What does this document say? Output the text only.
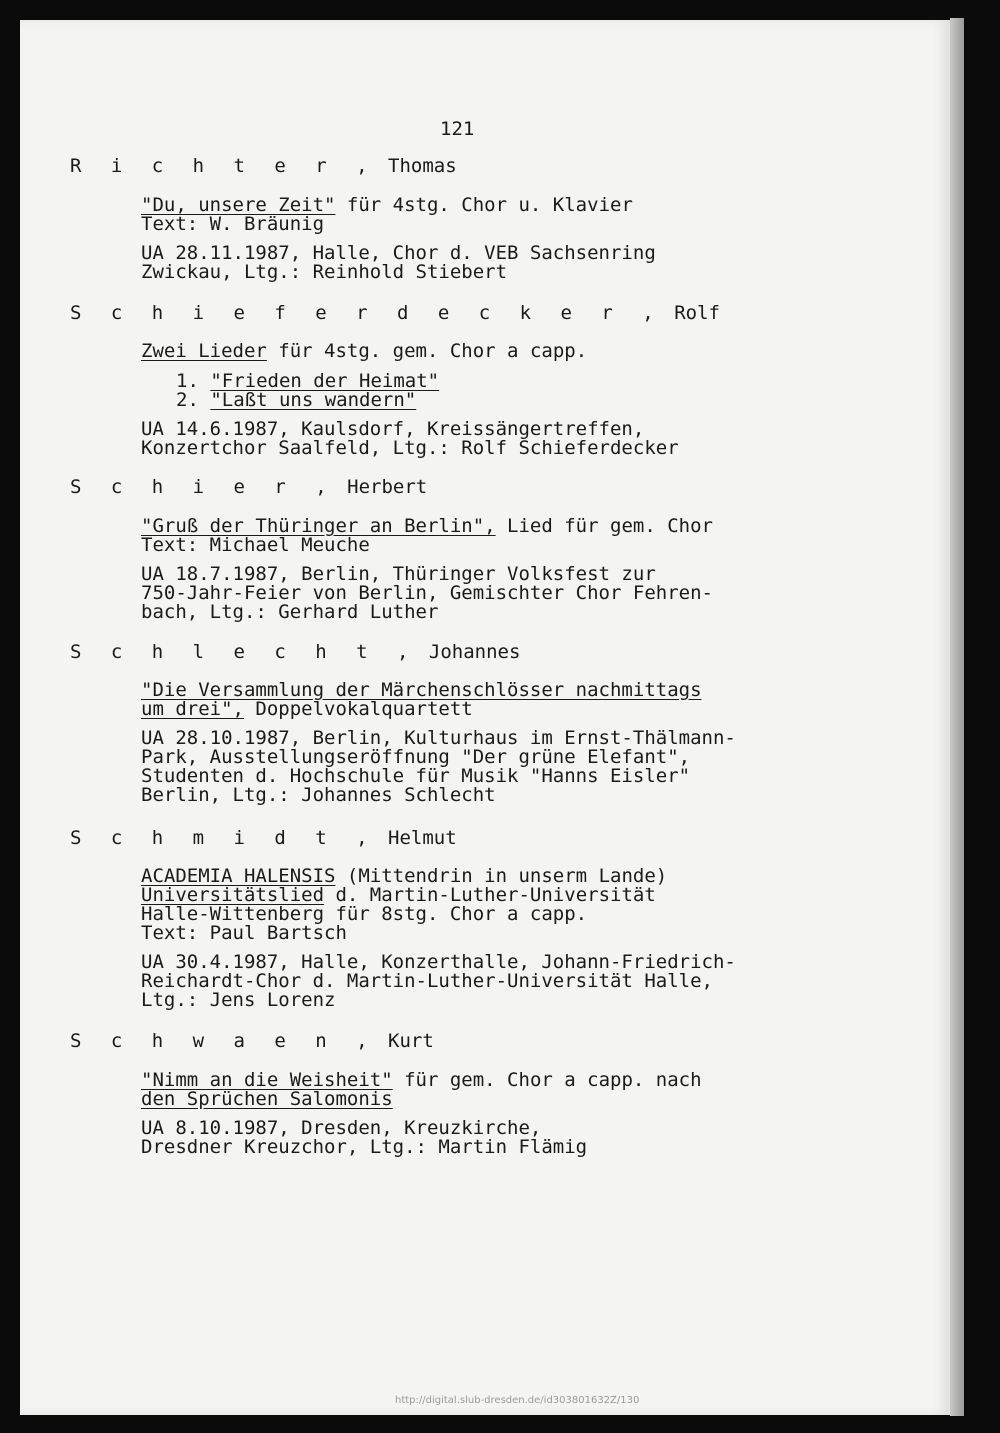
121
R i c h t e r , Thomas
"Du, unsere Zeit" für 4stg. Chor u. Klavier
Text: W. Bräunig
UA 28.11.1987, Halle, Chor d. VEB Sachsenring
Zwickau, Ltg.: Reinhold Stiebert
S c h i e f e r d e c k e r , Rolf
Zwei Lieder für 4stg. gem. Chor a capp.
1. "Frieden der Heimat"
2. "Laßt uns wandern"
UA 14.6.1987, Kaulsdorf, Kreissängertreffen,
Konzertchor Saalfeld, Ltg.: Rolf Schieferdecker
S c h i e r , Herbert
"Gruß der Thüringer an Berlin", Lied für gem. Chor
Text: Michael Meuche
UA 18.7.1987, Berlin, Thüringer Volksfest zur
750-Jahr-Feier von Berlin, Gemischter Chor Fehren-
bach, Ltg.: Gerhard Luther
S c h l e c h t , Johannes
"Die Versammlung der Märchenschlösser nachmittags
um drei", Doppelvokalquartett
UA 28.10.1987, Berlin, Kulturhaus im Ernst-Thälmann-
Park, Ausstellungseröffnung "Der grüne Elefant",
Studenten d. Hochschule für Musik "Hanns Eisler"
Berlin, Ltg.: Johannes Schlecht
S c h m i d t , Helmut
ACADEMIA HALENSIS (Mittendrin in unserm Lande)
Universitätslied d. Martin-Luther-Universität
Halle-Wittenberg für 8stg. Chor a capp.
Text: Paul Bartsch
UA 30.4.1987, Halle, Konzerthalle, Johann-Friedrich-
Reichardt-Chor d. Martin-Luther-Universität Halle,
Ltg.: Jens Lorenz
S c h w a e n , Kurt
"Nimm an die Weisheit" für gem. Chor a capp. nach
den Sprüchen Salomonis
UA 8.10.1987, Dresden, Kreuzkirche,
Dresdner Kreuzchor, Ltg.: Martin Flämig
http://digital.slub-dresden.de/id303801632Z/130
